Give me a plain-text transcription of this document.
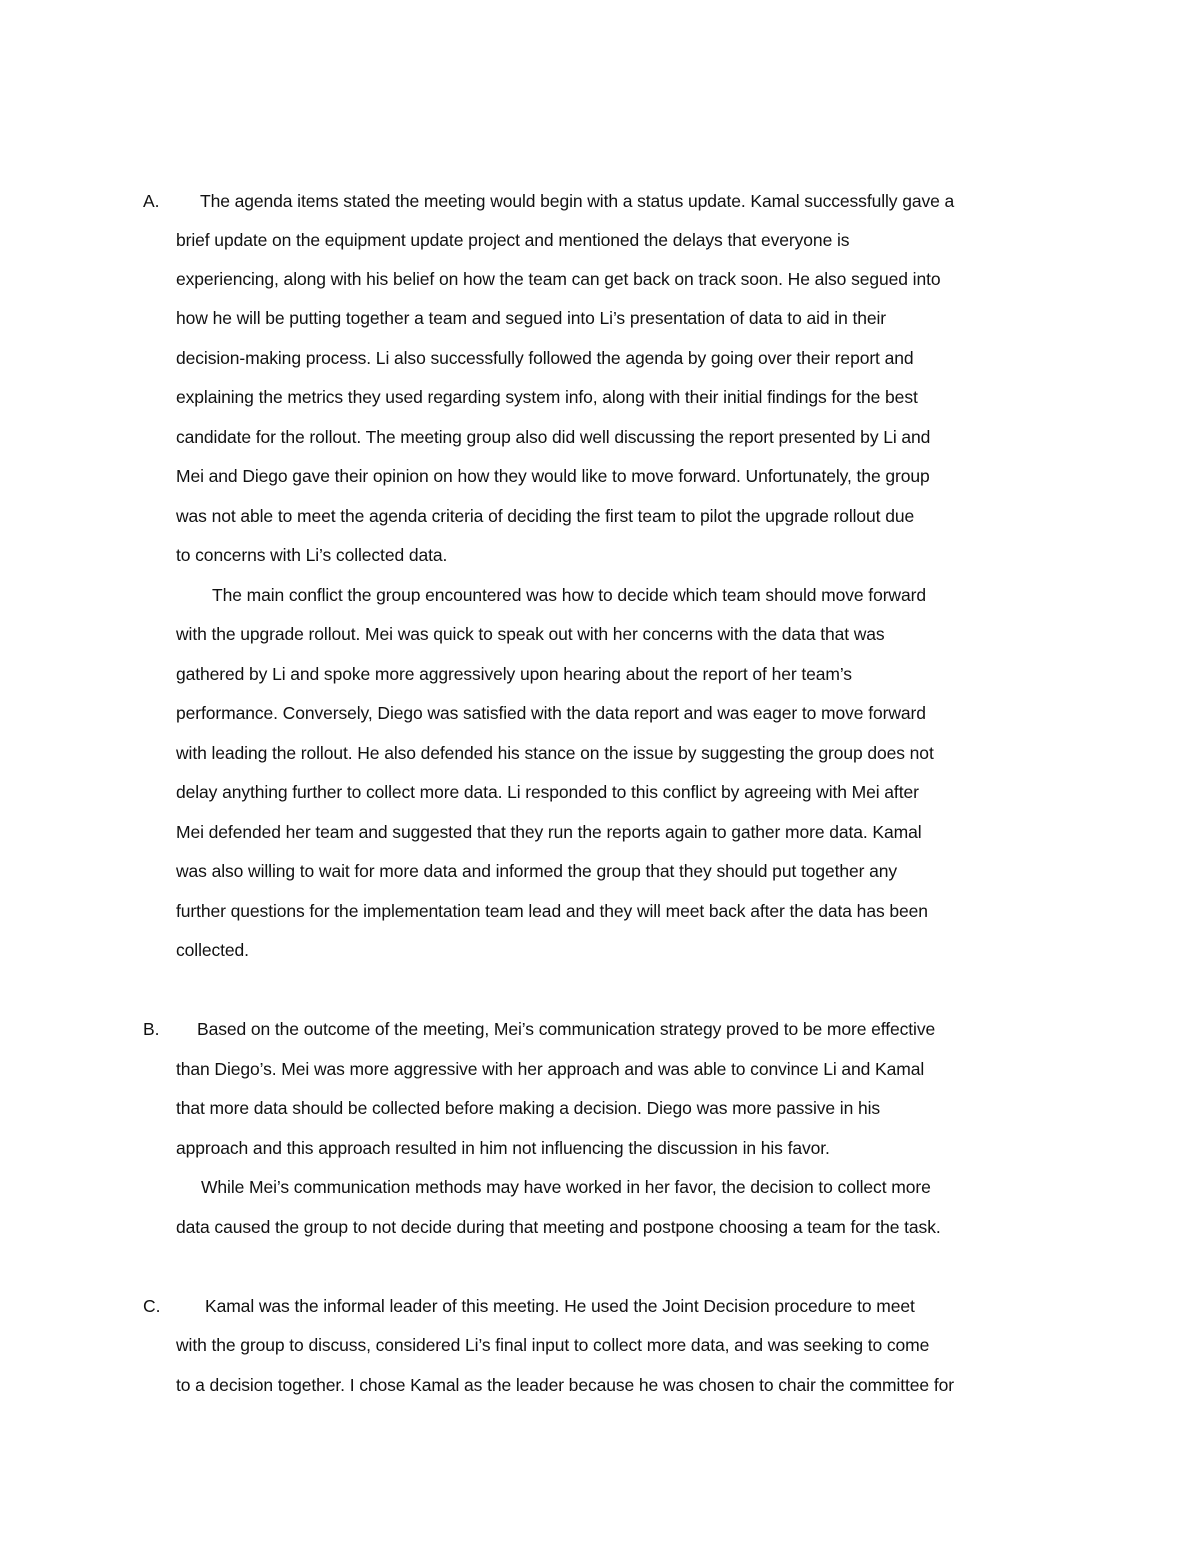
A. The agenda items stated the meeting would begin with a status update. Kamal successfully gave a
brief update on the equipment update project and mentioned the delays that everyone is
experiencing, along with his belief on how the team can get back on track soon. He also segued into
how he will be putting together a team and segued into Li’s presentation of data to aid in their
decision-making process. Li also successfully followed the agenda by going over their report and
explaining the metrics they used regarding system info, along with their initial findings for the best
candidate for the rollout. The meeting group also did well discussing the report presented by Li and
Mei and Diego gave their opinion on how they would like to move forward. Unfortunately, the group
was not able to meet the agenda criteria of deciding the first team to pilot the upgrade rollout due
to concerns with Li’s collected data.
The main conflict the group encountered was how to decide which team should move forward
with the upgrade rollout. Mei was quick to speak out with her concerns with the data that was
gathered by Li and spoke more aggressively upon hearing about the report of her team’s
performance. Conversely, Diego was satisfied with the data report and was eager to move forward
with leading the rollout. He also defended his stance on the issue by suggesting the group does not
delay anything further to collect more data. Li responded to this conflict by agreeing with Mei after
Mei defended her team and suggested that they run the reports again to gather more data. Kamal
was also willing to wait for more data and informed the group that they should put together any
further questions for the implementation team lead and they will meet back after the data has been
collected.
B. Based on the outcome of the meeting, Mei’s communication strategy proved to be more effective
than Diego’s. Mei was more aggressive with her approach and was able to convince Li and Kamal
that more data should be collected before making a decision. Diego was more passive in his
approach and this approach resulted in him not influencing the discussion in his favor.
While Mei’s communication methods may have worked in her favor, the decision to collect more
data caused the group to not decide during that meeting and postpone choosing a team for the task.
C.	Kamal was the informal leader of this meeting. He used the Joint Decision procedure to meet
with the group to discuss, considered Li’s final input to collect more data, and was seeking to come
to a decision together. I chose Kamal as the leader because he was chosen to chair the committee for
